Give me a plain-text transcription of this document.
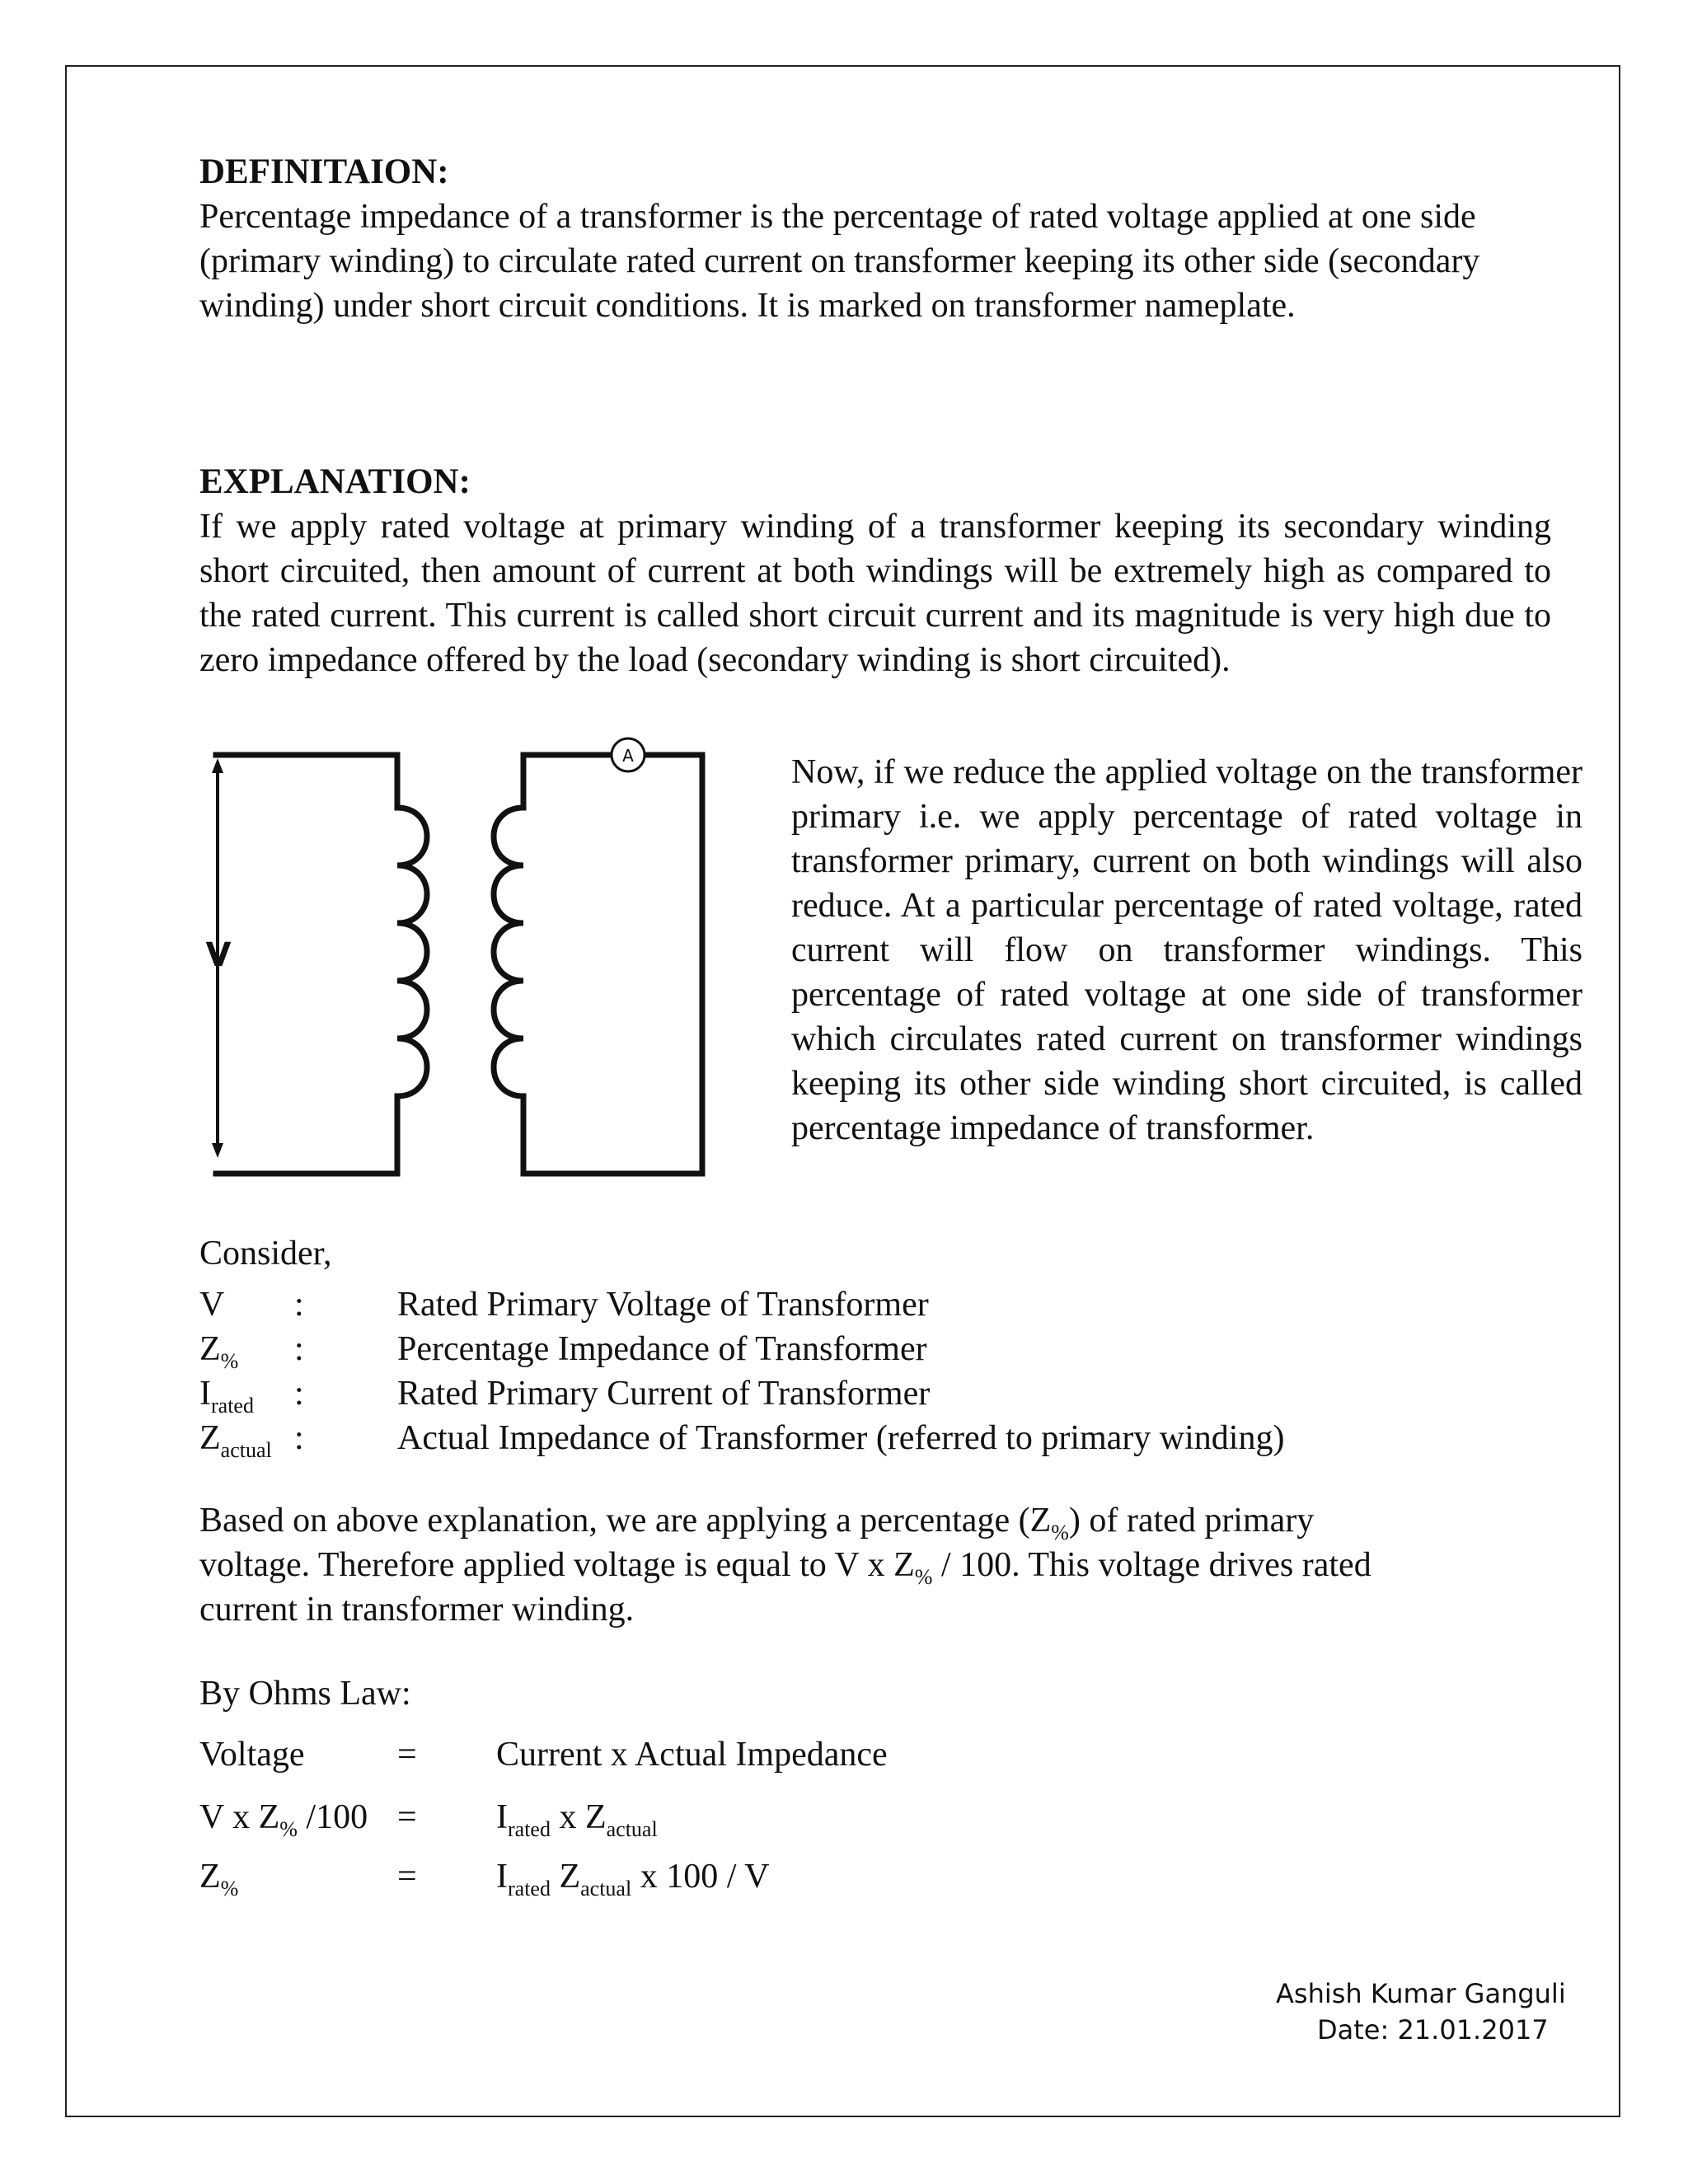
DEFINITAION:

Percentage impedance of a transformer is the percentage of rated voltage applied at one side (primary winding) to circulate rated current on transformer keeping its other side (secondary winding) under short circuit conditions. It is marked on transformer nameplate.

EXPLANATION:

If we apply rated voltage at primary winding of a transformer keeping its secondary winding short circuited, then amount of current at both windings will be extremely high as compared to the rated current. This current is called short circuit current and its magnitude is very high due to zero impedance offered by the load (secondary winding is short circuited).

V
A	Now, if we reduce the applied voltage on the transformer primary i.e. we apply percentage of rated voltage in transformer primary, current on both windings will also reduce. At a particular percentage of rated voltage, rated current will flow on transformer windings. This percentage of rated voltage at one side of transformer which circulates rated current on transformer windings keeping its other side winding short circuited, is called percentage impedance of transformer.
Consider,
V	:	Rated Primary Voltage of Transformer
$Z_{\%}$	:	Percentage Impedance of Transformer
$I_{rated}$	:	Rated Primary Current of Transformer
$Z_{actual}$ :	Actual Impedance of Transformer (referred to primary winding)
Based on above explanation, we are applying a percentage $(Z_{\%})$ of rated primary
voltage. Therefore applied voltage is equal to V x $Z_{\%} / 100$. This voltage drives rated
current in transformer winding.
By Ohms Law:
Voltage	=	Current x Actual Impedance
V x $Z_{\%}$ /100 =	$I_{rated}$ x $Z_{actual}$
$Z_{\%}$	=	$I_{rated}$ $Z_{actual}$ x 100 / V
Ashish Kumar Ganguli
Date: 21.01.2017
